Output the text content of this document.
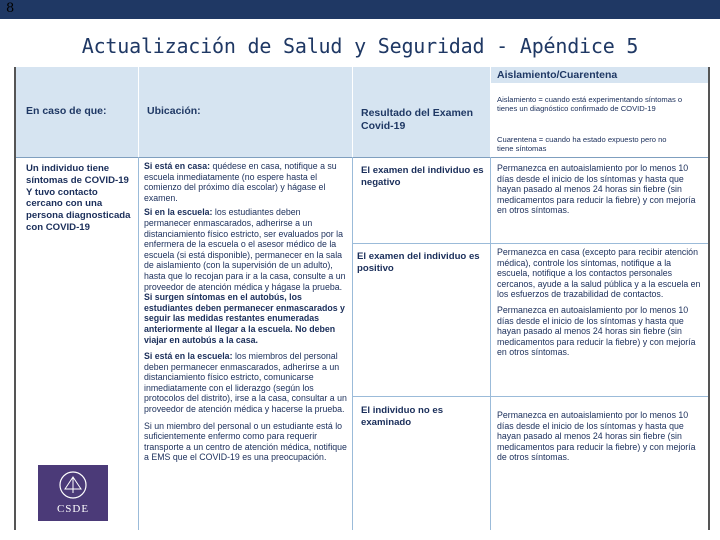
8
Actualización de Salud y Seguridad - Apéndice 5
En caso de que:	Ubicación:	Resultado del Examen Covid-19
Aislamiento/Cuarentena
Aislamiento = cuando está experimentando síntomas o tienes un diagnóstico confirmado de COVID-19
Cuarentena = cuando ha estado expuesto pero no tiene síntomas
Un individuo tiene síntomas de COVID-19 Y tuvo contacto cercano con una persona diagnosticada con COVID-19
Si está en casa: quédese en casa, notifique a su escuela inmediatamente (no espere hasta el comienzo del próximo día escolar) y hágase el examen.
Si en la escuela: los estudiantes deben permanecer enmascarados, adherirse a un distanciamiento físico estricto, ser evaluados por la enfermera de la escuela o el asesor médico de la escuela (si está disponible), permanecer en la sala de aislamiento (con la supervisión de un adulto), hasta que lo recojan para ir a la casa, consulte a un proveedor de atención médica y hágase la prueba. Si surgen síntomas en el autobús, los estudiantes deben permanecer enmascarados y seguir las medidas restantes enumeradas anteriormente al llegar a la escuela. No deben viajar en autobús a la casa.
Si está en la escuela: los miembros del personal deben permanecer enmascarados, adherirse a un distanciamiento físico estricto, comunicarse inmediatamente con el liderazgo (según los protocolos del distrito), irse a la casa, consultar a un proveedor de atención médica y hacerse la prueba.
Si un miembro del personal o un estudiante está lo suficientemente enfermo como para requerir transporte a un centro de atención médica, notifique a EMS que el COVID-19 es una preocupación.
El examen del individuo es negativo
Permanezca en autoaislamiento por lo menos 10 días desde el inicio de los síntomas y hasta que hayan pasado al menos 24 horas sin fiebre (sin medicamentos para reducir la fiebre) y con mejoría en otros síntomas.
El examen del individuo es positivo
Permanezca en casa (excepto para recibir atención médica), controle los síntomas, notifique a la escuela, notifique a los contactos personales cercanos, ayude a la salud pública y a la escuela en los esfuerzos de trazabilidad de contactos.
Permanezca en autoaislamiento por lo menos 10 días desde el inicio de los síntomas y hasta que hayan pasado al menos 24 horas sin fiebre (sin medicamentos para reducir la fiebre) y con mejoría en otros síntomas.
El individuo no es examinado
Permanezca en autoaislamiento por lo menos 10 días desde el inicio de los síntomas y hasta que hayan pasado al menos 24 horas sin fiebre (sin medicamentos para reducir la fiebre) y con mejoría de otros síntomas.
CSDE
